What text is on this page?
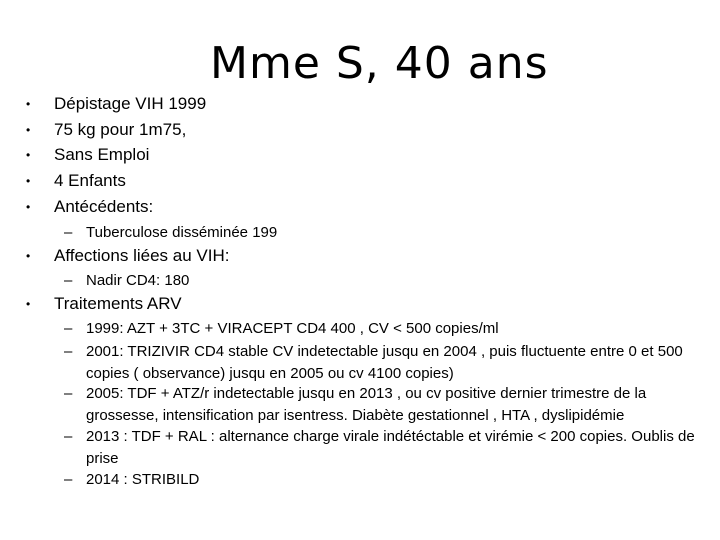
Mme S, 40 ans
• Dépistage VIH 1999
• 75 kg pour 1m75,
• Sans Emploi
• 4 Enfants
• Antécédents:
– Tuberculose disséminée 199
• Affections liées au VIH:
– Nadir CD4: 180
• Traitements ARV
– 1999: AZT + 3TC + VIRACEPT CD4 400 , CV < 500 copies/ml
– 2001: TRIZIVIR CD4 stable CV indetectable jusqu en 2004 , puis fluctuente entre 0 et 500 copies ( observance) jusqu en 2005 ou cv 4100 copies)
– 2005: TDF + ATZ/r indetectable jusqu en 2013 , ou cv positive dernier trimestre de la grossesse, intensification par isentress. Diabète gestationnel , HTA , dyslipidémie
– 2013 : TDF + RAL : alternance charge virale indétéctable et virémie < 200 copies. Oublis de prise
– 2014 : STRIBILD
